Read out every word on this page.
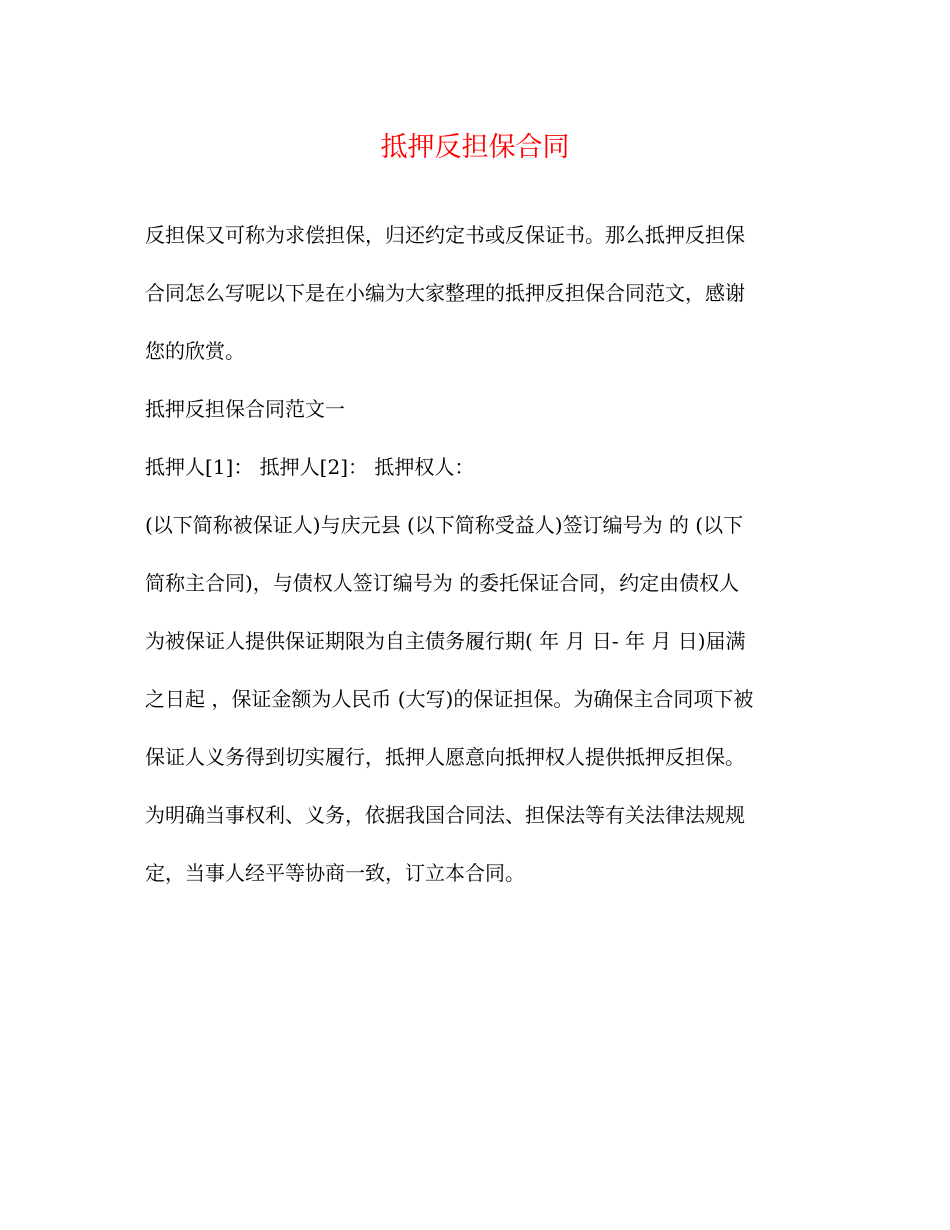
抵押反担保合同
反担保又可称为求偿担保，归还约定书或反保证书。那么抵押反担保
合同怎么写呢以下是在小编为大家整理的抵押反担保合同范文，感谢
您的欣赏。
抵押反担保合同范文一
抵押人[1]： 抵押人[2]： 抵押权人：
(以下简称被保证人)与庆元县 (以下简称受益人)签订编号为 的 (以下
简称主合同)，与债权人签订编号为 的委托保证合同，约定由债权人
为被保证人提供保证期限为自主债务履行期( 年 月 日- 年 月 日)届满
之日起 ，保证金额为人民币 (大写)的保证担保。为确保主合同项下被
保证人义务得到切实履行，抵押人愿意向抵押权人提供抵押反担保。
为明确当事权利、义务，依据我国合同法、担保法等有关法律法规规
定，当事人经平等协商一致，订立本合同。
